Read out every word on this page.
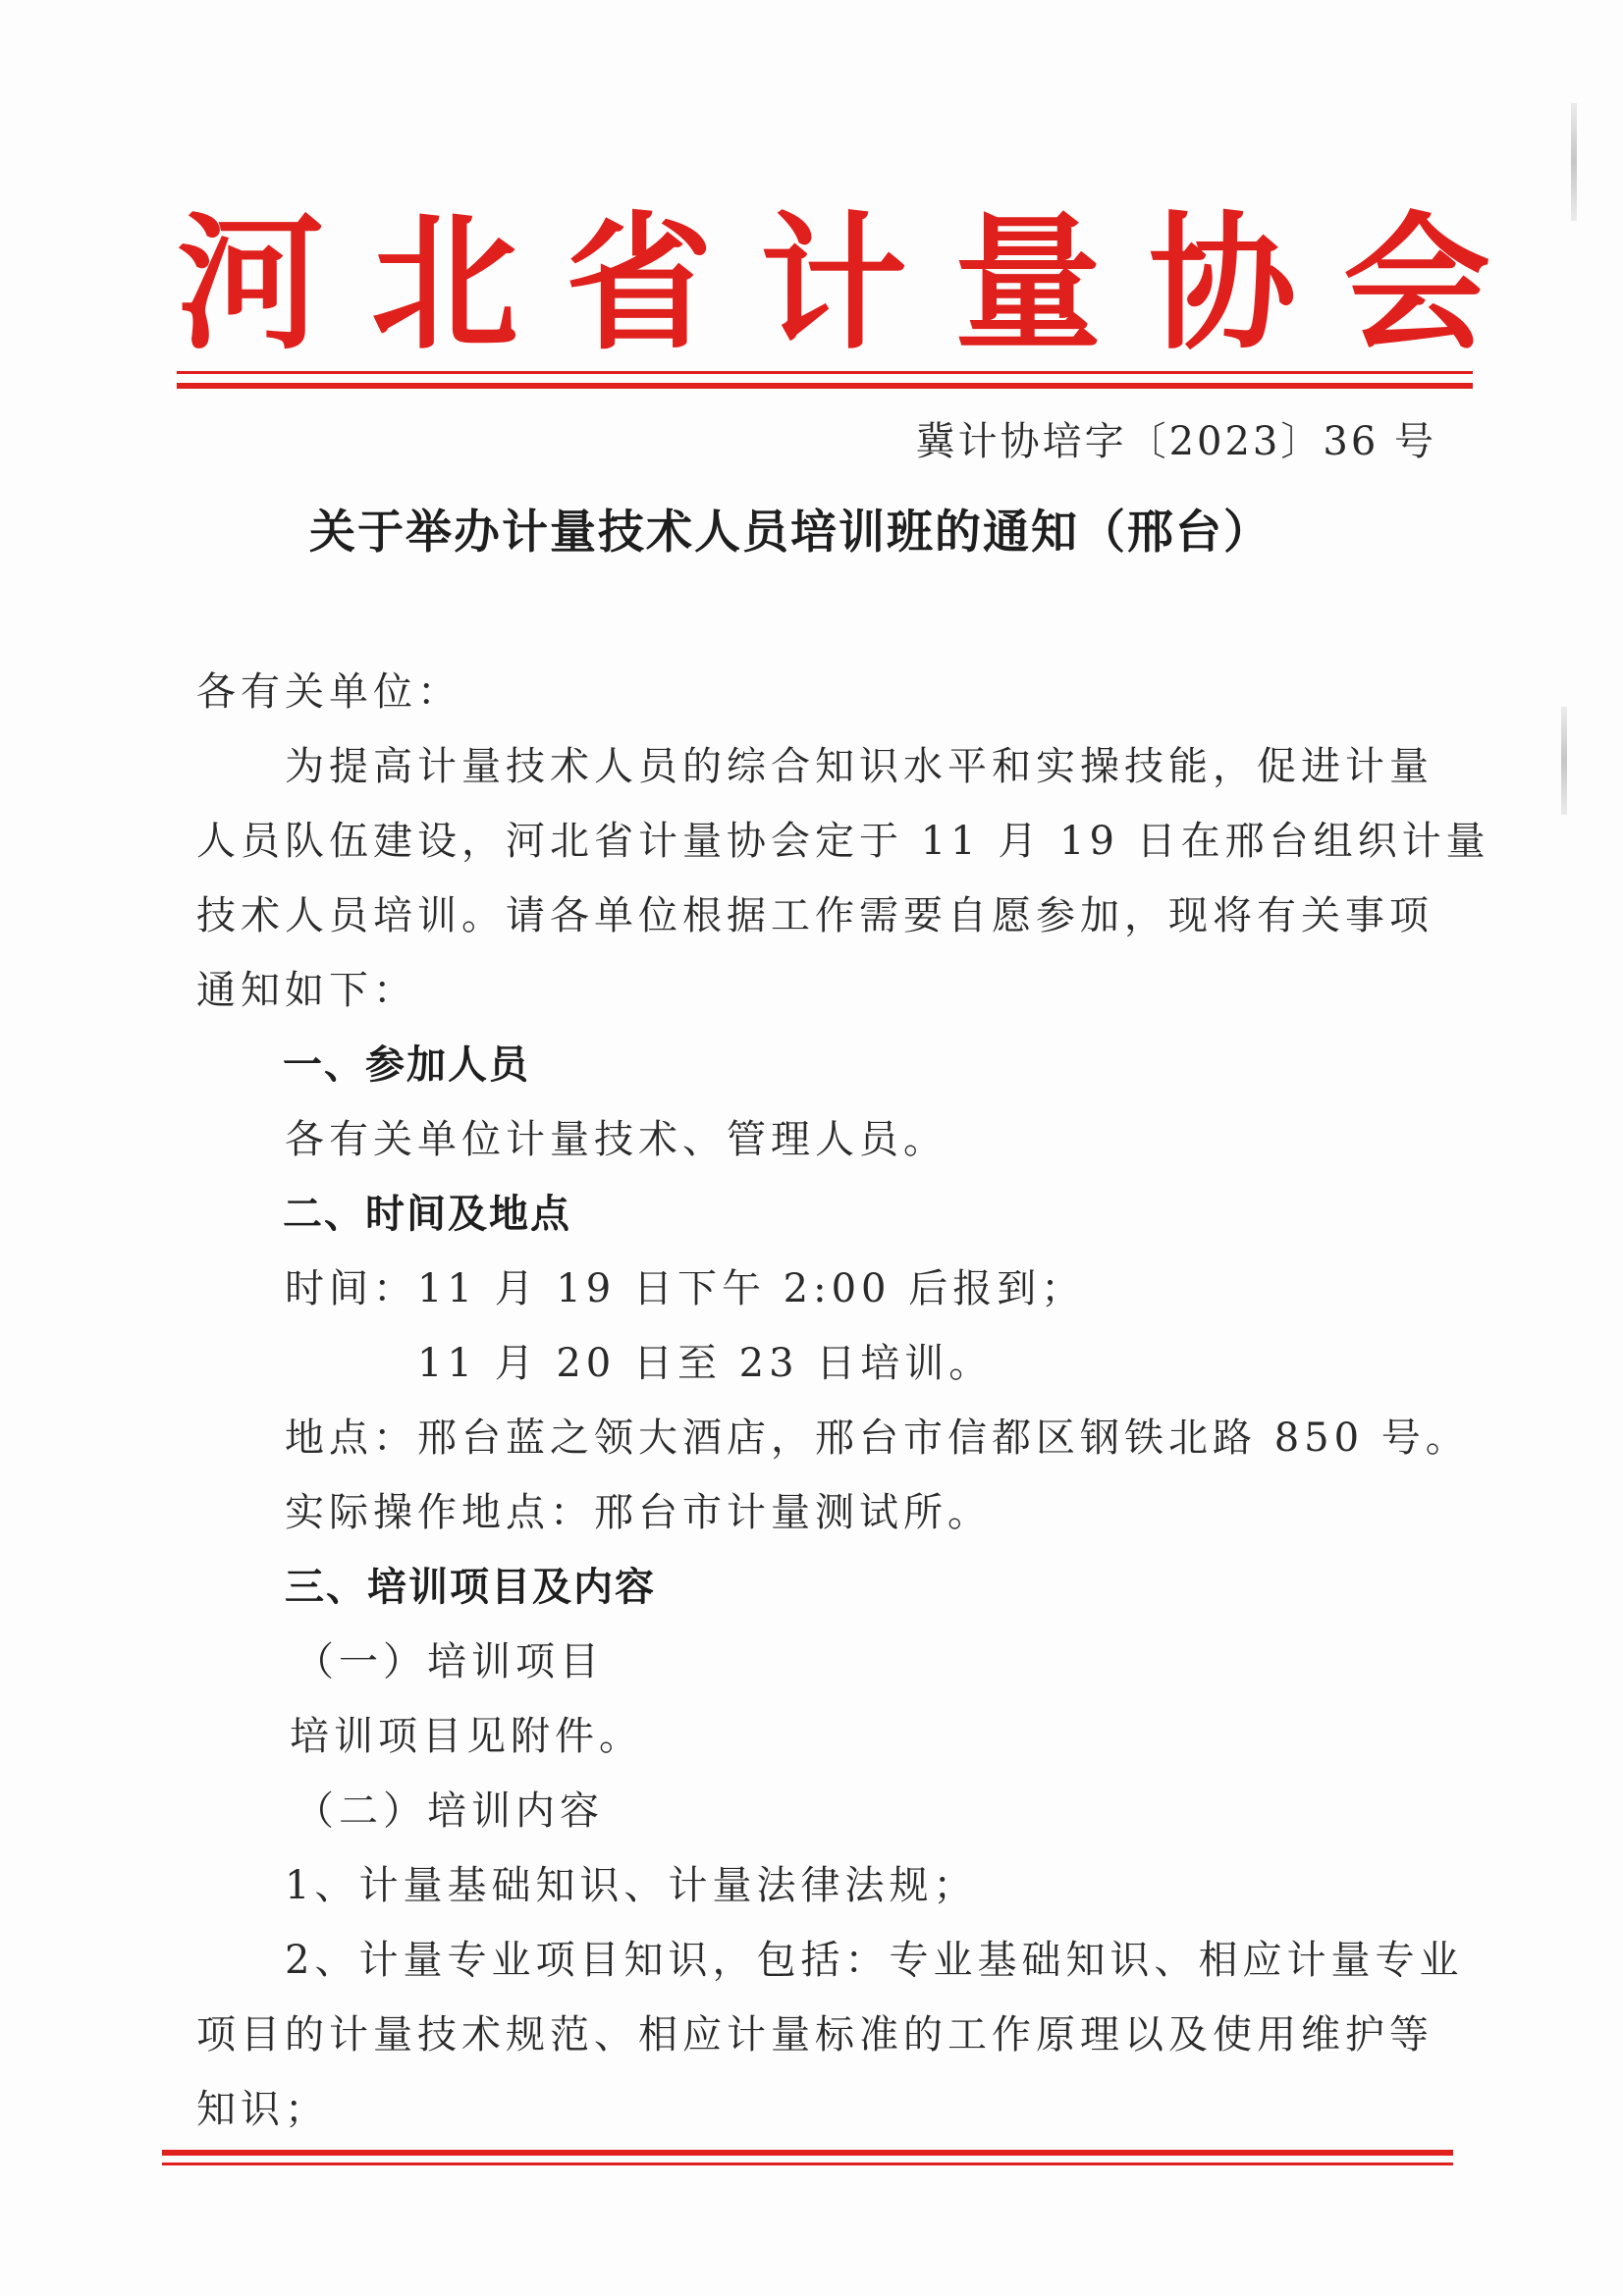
河北省计量协会
冀计协培字〔2023〕36 号
关于举办计量技术人员培训班的通知（邢台）
各有关单位：
为提高计量技术人员的综合知识水平和实操技能，促进计量
人员队伍建设，河北省计量协会定于 11 月 19 日在邢台组织计量
技术人员培训。请各单位根据工作需要自愿参加，现将有关事项
通知如下：
一、参加人员
各有关单位计量技术、管理人员。
二、时间及地点
时间：11 月 19 日下午 2:00 后报到；
11 月 20 日至 23 日培训。
地点：邢台蓝之领大酒店，邢台市信都区钢铁北路 850 号。
实际操作地点：邢台市计量测试所。
三、培训项目及内容
（一）培训项目
培训项目见附件。
（二）培训内容
1、计量基础知识、计量法律法规；
2、计量专业项目知识，包括：专业基础知识、相应计量专业
项目的计量技术规范、相应计量标准的工作原理以及使用维护等
知识；
